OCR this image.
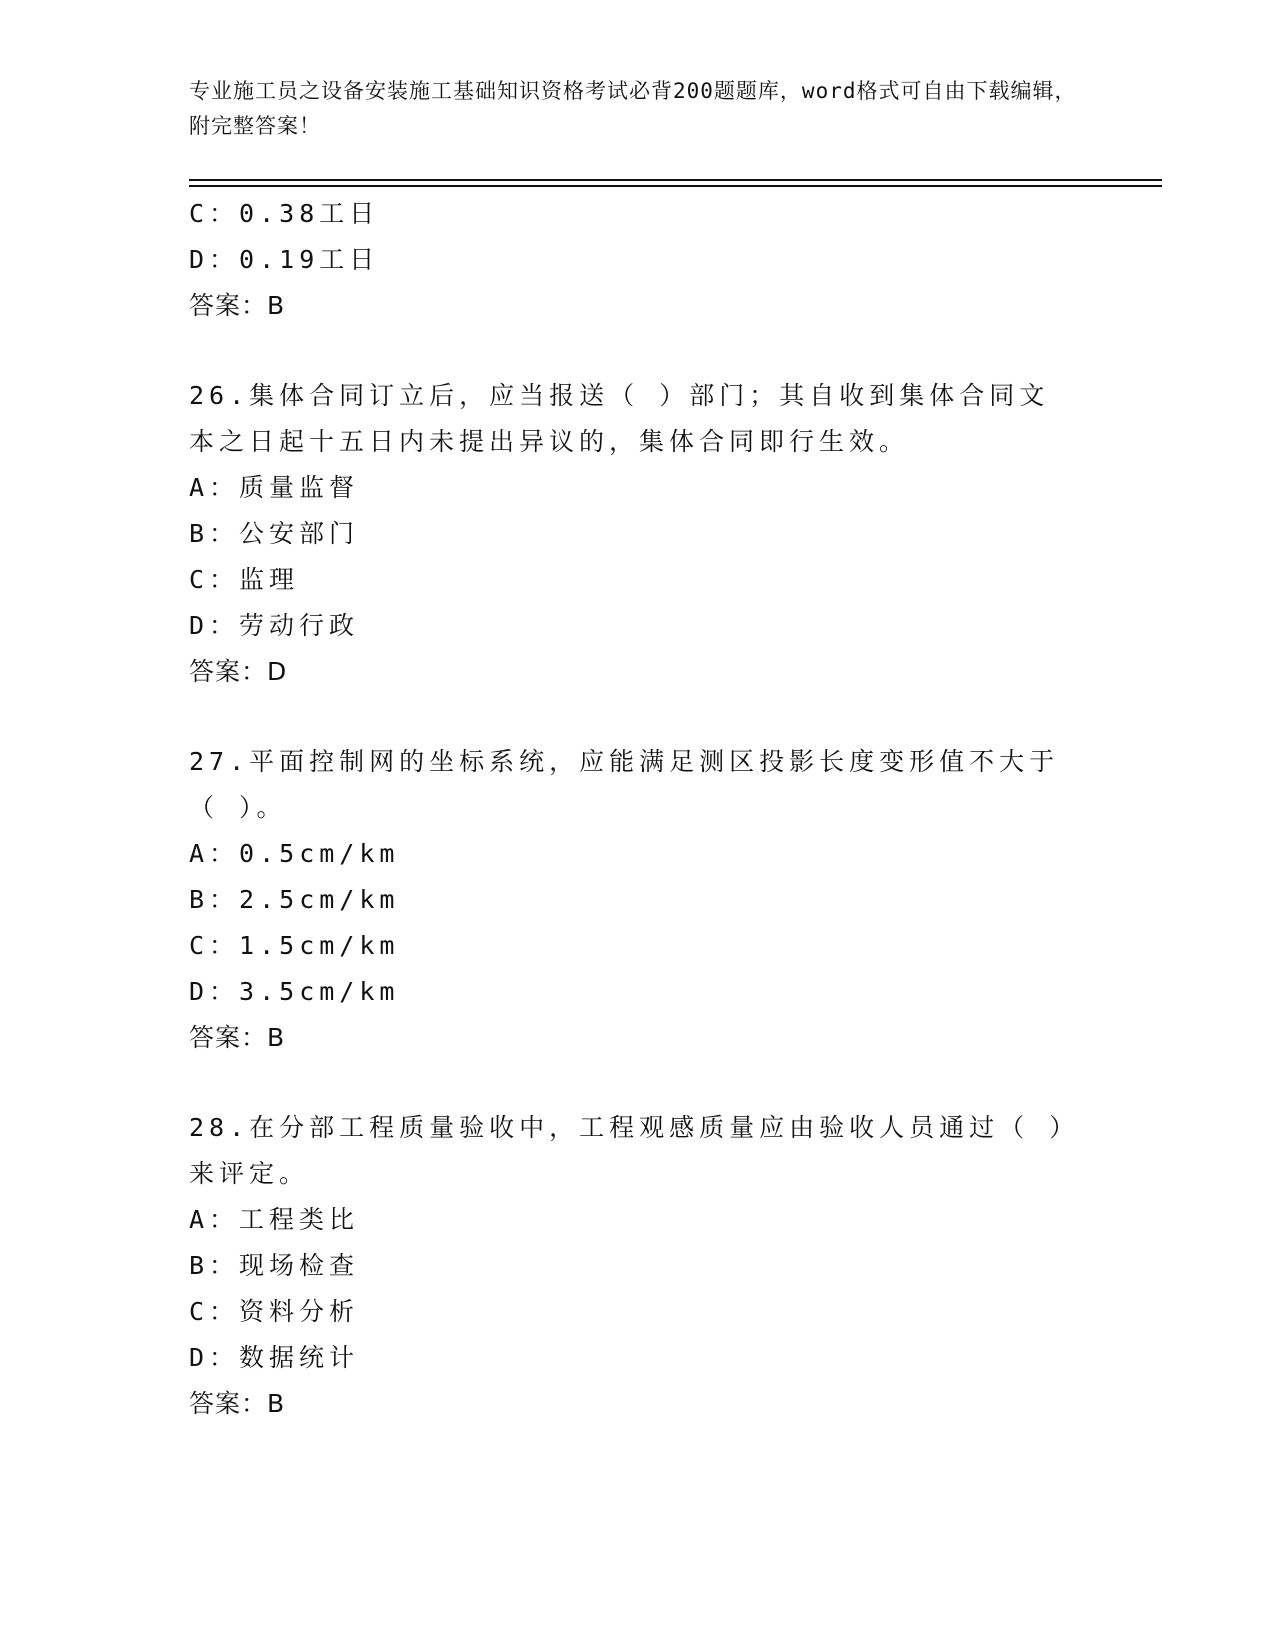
专业施工员之设备安装施工基础知识资格考试必背200题题库，word格式可自由下载编辑，附完整答案！
C：0.38工日
D：0.19工日
答案：B
26.集体合同订立后，应当报送（ ）部门；其自收到集体合同文本之日起十五日内未提出异议的，集体合同即行生效。
A：质量监督
B：公安部门
C：监理
D：劳动行政
答案：D
27.平面控制网的坐标系统，应能满足测区投影长度变形值不大于（ ）。
A：0.5cm/km
B：2.5cm/km
C：1.5cm/km
D：3.5cm/km
答案：B
28.在分部工程质量验收中，工程观感质量应由验收人员通过（ ）来评定。
A：工程类比
B：现场检查
C：资料分析
D：数据统计
答案：B
